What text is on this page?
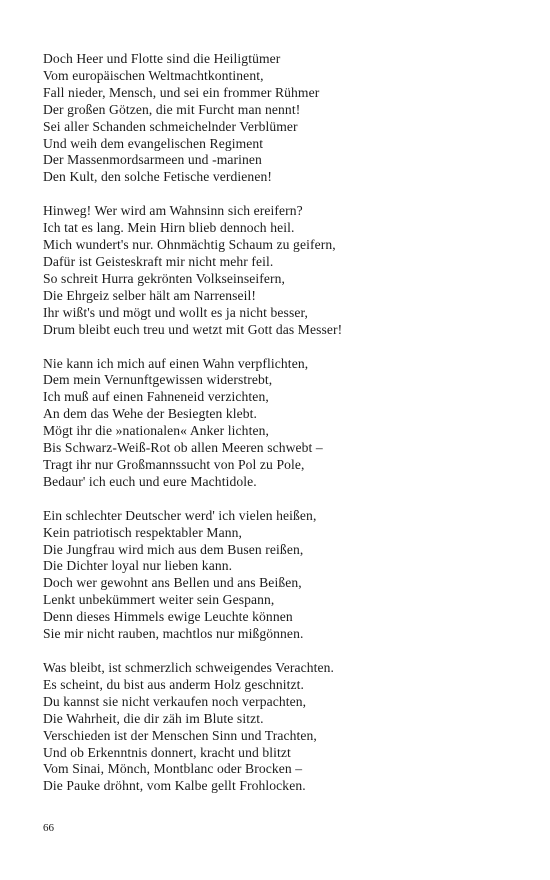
Doch Heer und Flotte sind die Heiligtümer
Vom europäischen Weltmachtkontinent,
Fall nieder, Mensch, und sei ein frommer Rühmer
Der großen Götzen, die mit Furcht man nennt!
Sei aller Schanden schmeichelnder Verblümer
Und weih dem evangelischen Regiment
Der Massenmordsarmeen und -marinen
Den Kult, den solche Fetische verdienen!
Hinweg! Wer wird am Wahnsinn sich ereifern?
Ich tat es lang. Mein Hirn blieb dennoch heil.
Mich wundert's nur. Ohnmächtig Schaum zu geifern,
Dafür ist Geisteskraft mir nicht mehr feil.
So schreit Hurra gekrönten Volkseinseifern,
Die Ehrgeiz selber hält am Narrenseil!
Ihr wißt's und mögt und wollt es ja nicht besser,
Drum bleibt euch treu und wetzt mit Gott das Messer!
Nie kann ich mich auf einen Wahn verpflichten,
Dem mein Vernunftgewissen widerstrebt,
Ich muß auf einen Fahneneid verzichten,
An dem das Wehe der Besiegten klebt.
Mögt ihr die »nationalen« Anker lichten,
Bis Schwarz-Weiß-Rot ob allen Meeren schwebt –
Tragt ihr nur Großmannssucht von Pol zu Pole,
Bedaur' ich euch und eure Machtidole.
Ein schlechter Deutscher werd' ich vielen heißen,
Kein patriotisch respektabler Mann,
Die Jungfrau wird mich aus dem Busen reißen,
Die Dichter loyal nur lieben kann.
Doch wer gewohnt ans Bellen und ans Beißen,
Lenkt unbekümmert weiter sein Gespann,
Denn dieses Himmels ewige Leuchte können
Sie mir nicht rauben, machtlos nur mißgönnen.
Was bleibt, ist schmerzlich schweigendes Verachten.
Es scheint, du bist aus anderm Holz geschnitzt.
Du kannst sie nicht verkaufen noch verpachten,
Die Wahrheit, die dir zäh im Blute sitzt.
Verschieden ist der Menschen Sinn und Trachten,
Und ob Erkenntnis donnert, kracht und blitzt
Vom Sinai, Mönch, Montblanc oder Brocken –
Die Pauke dröhnt, vom Kalbe gellt Frohlocken.
66
